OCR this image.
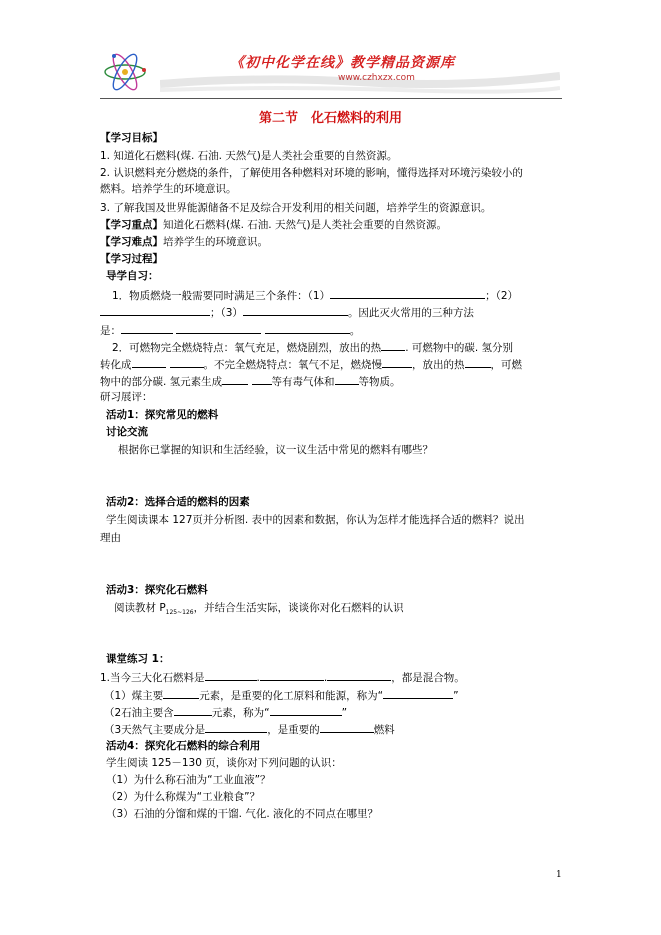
《初中化学在线》教学精品资源库
www.czhxzx.com
第二节　化石燃料的利用
【学习目标】
1. 知道化石燃料(煤. 石油. 天然气)是人类社会重要的自然资源。
2. 认识燃料充分燃烧的条件，了解使用各种燃料对环境的影响，懂得选择对环境污染较小的
燃料。培养学生的环境意识。
3. 了解我国及世界能源储备不足及综合开发利用的相关问题，培养学生的资源意识。
【学习重点】知道化石燃料(煤. 石油. 天然气)是人类社会重要的自然资源。
【学习难点】培养学生的环境意识。
【学习过程】
导学自习：
1．物质燃烧一般需要同时满足三个条件：（1）	；（2）
；（3）	。因此灭火常用的三种方法
是：	。
2．可燃物完全燃烧特点：氧气充足，燃烧剧烈，放出的热 . 可燃物中的碳. 氢分别
转化成	。不完全燃烧特点：氧气不足，燃烧慢	，放出的热 ，可燃
物中的部分碳. 氢元素生成	等有毒气体和 等物质。
研习展评：
活动1：探究常见的燃料
讨论交流
根据你已掌握的知识和生活经验，议一议生活中常见的燃料有哪些？
活动2：选择合适的燃料的因素
学生阅读课本 127页并分析图. 表中的因素和数据，你认为怎样才能选择合适的燃料？说出
理由
活动3：探究化石燃料
阅读教材 $P_{125\sim 126}$，并结合生活实际，谈谈你对化石燃料的认识
课堂练习 1：
1.当今三大化石燃料是	.	.	，都是混合物。
（1）煤主要	元素，是重要的化工原料和能源，称为“	”
（2石油主要含	元素，称为“	”
（3天然气主要成分是	，是重要的	燃料
活动4：探究化石燃料的综合利用
学生阅读 125－130 页，谈你对下列问题的认识：
（1）为什么称石油为“工业血液”？
（2）为什么称煤为“工业粮食”？
（3）石油的分馏和煤的干馏. 气化. 液化的不同点在哪里？
1
